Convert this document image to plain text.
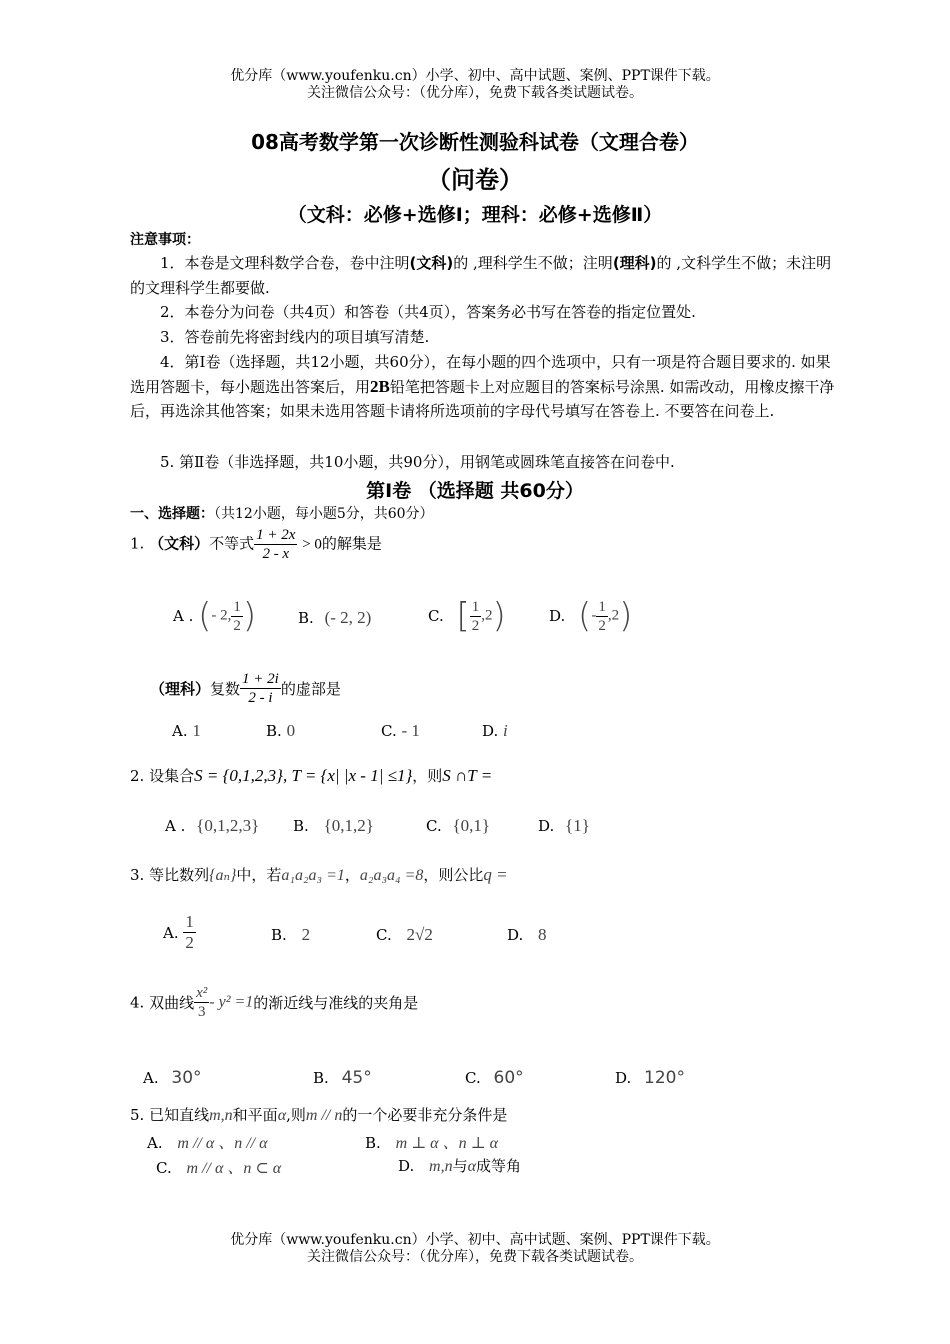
优分库（www.youfenku.cn）小学、初中、高中试题、案例、PPT课件下载。
关注微信公众号：（优分库），免费下载各类试题试卷。
08高考数学第一次诊断性测验科试卷（文理合卷）
（问卷）
（文科：必修+选修Ⅰ；理科：必修+选修Ⅱ）
注意事项：
1．本卷是文理科数学合卷，卷中注明(文科)的 ,理科学生不做；注明(理科)的 ,文科学生不做；未注明的文理科学生都要做.
2．本卷分为问卷（共4页）和答卷（共4页），答案务必书写在答卷的指定位置处.
3．答卷前先将密封线内的项目填写清楚.
4．第Ⅰ卷（选择题，共12小题，共60分），在每小题的四个选项中，只有一项是符合题目要求的. 如果选用答题卡，每小题选出答案后，用2B铅笔把答题卡上对应题目的答案标号涂黑. 如需改动，用橡皮擦干净后，再选涂其他答案；如果未选用答题卡请将所选项前的字母代号填写在答卷上. 不要答在问卷上.
5. 第Ⅱ卷（非选择题，共10小题，共90分），用钢笔或圆珠笔直接答在问卷中.
第Ⅰ卷 （选择题 共60分）
一、选择题：（共12小题，每小题5分，共60分）
1. （文科）不等式 $\frac{1 + 2x}{2 - x} > 0$的解集是
A . (- 2, $\frac{1}{2}$ )	B. (- 2, 2)	C. [ $\frac{1}{2} ,2$)	D. (- $\frac{1}{2} ,2$)
（理科）复数 $\frac{1 + 2i}{2 - i}$ 的虚部是
A. 1	B. 0	C. - 1	D. i
2. 设集合S = {0,1,2,3}, T = {x| |x - 1| ≤1}，则S ∩T =
A . {0,1,2,3} B. {0,1,2}	C. {0,1}	D. {1}
3. 等比数列{aₙ}中，若a₁a₂a₃ =1，a₂a₃a₄ =8，则公比q =
A. $\frac{1}{2}$	B. 2	C. 2√2	D. 8
4. 双曲线 $\frac{\text{x²}}{3} - y^2 =1$的渐近线与准线的夹角是
A. 30°	B. 45°	C. 60°	D. 120°
5. 已知直线m,n和平面α,则m // n的一个必要非充分条件是
A. m // α 、n // α	B. m ⊥ α 、n ⊥ α
C. m // α 、n ⊂ α	D. m,n与α成等角
优分库（www.youfenku.cn）小学、初中、高中试题、案例、PPT课件下载。
关注微信公众号：（优分库），免费下载各类试题试卷。
